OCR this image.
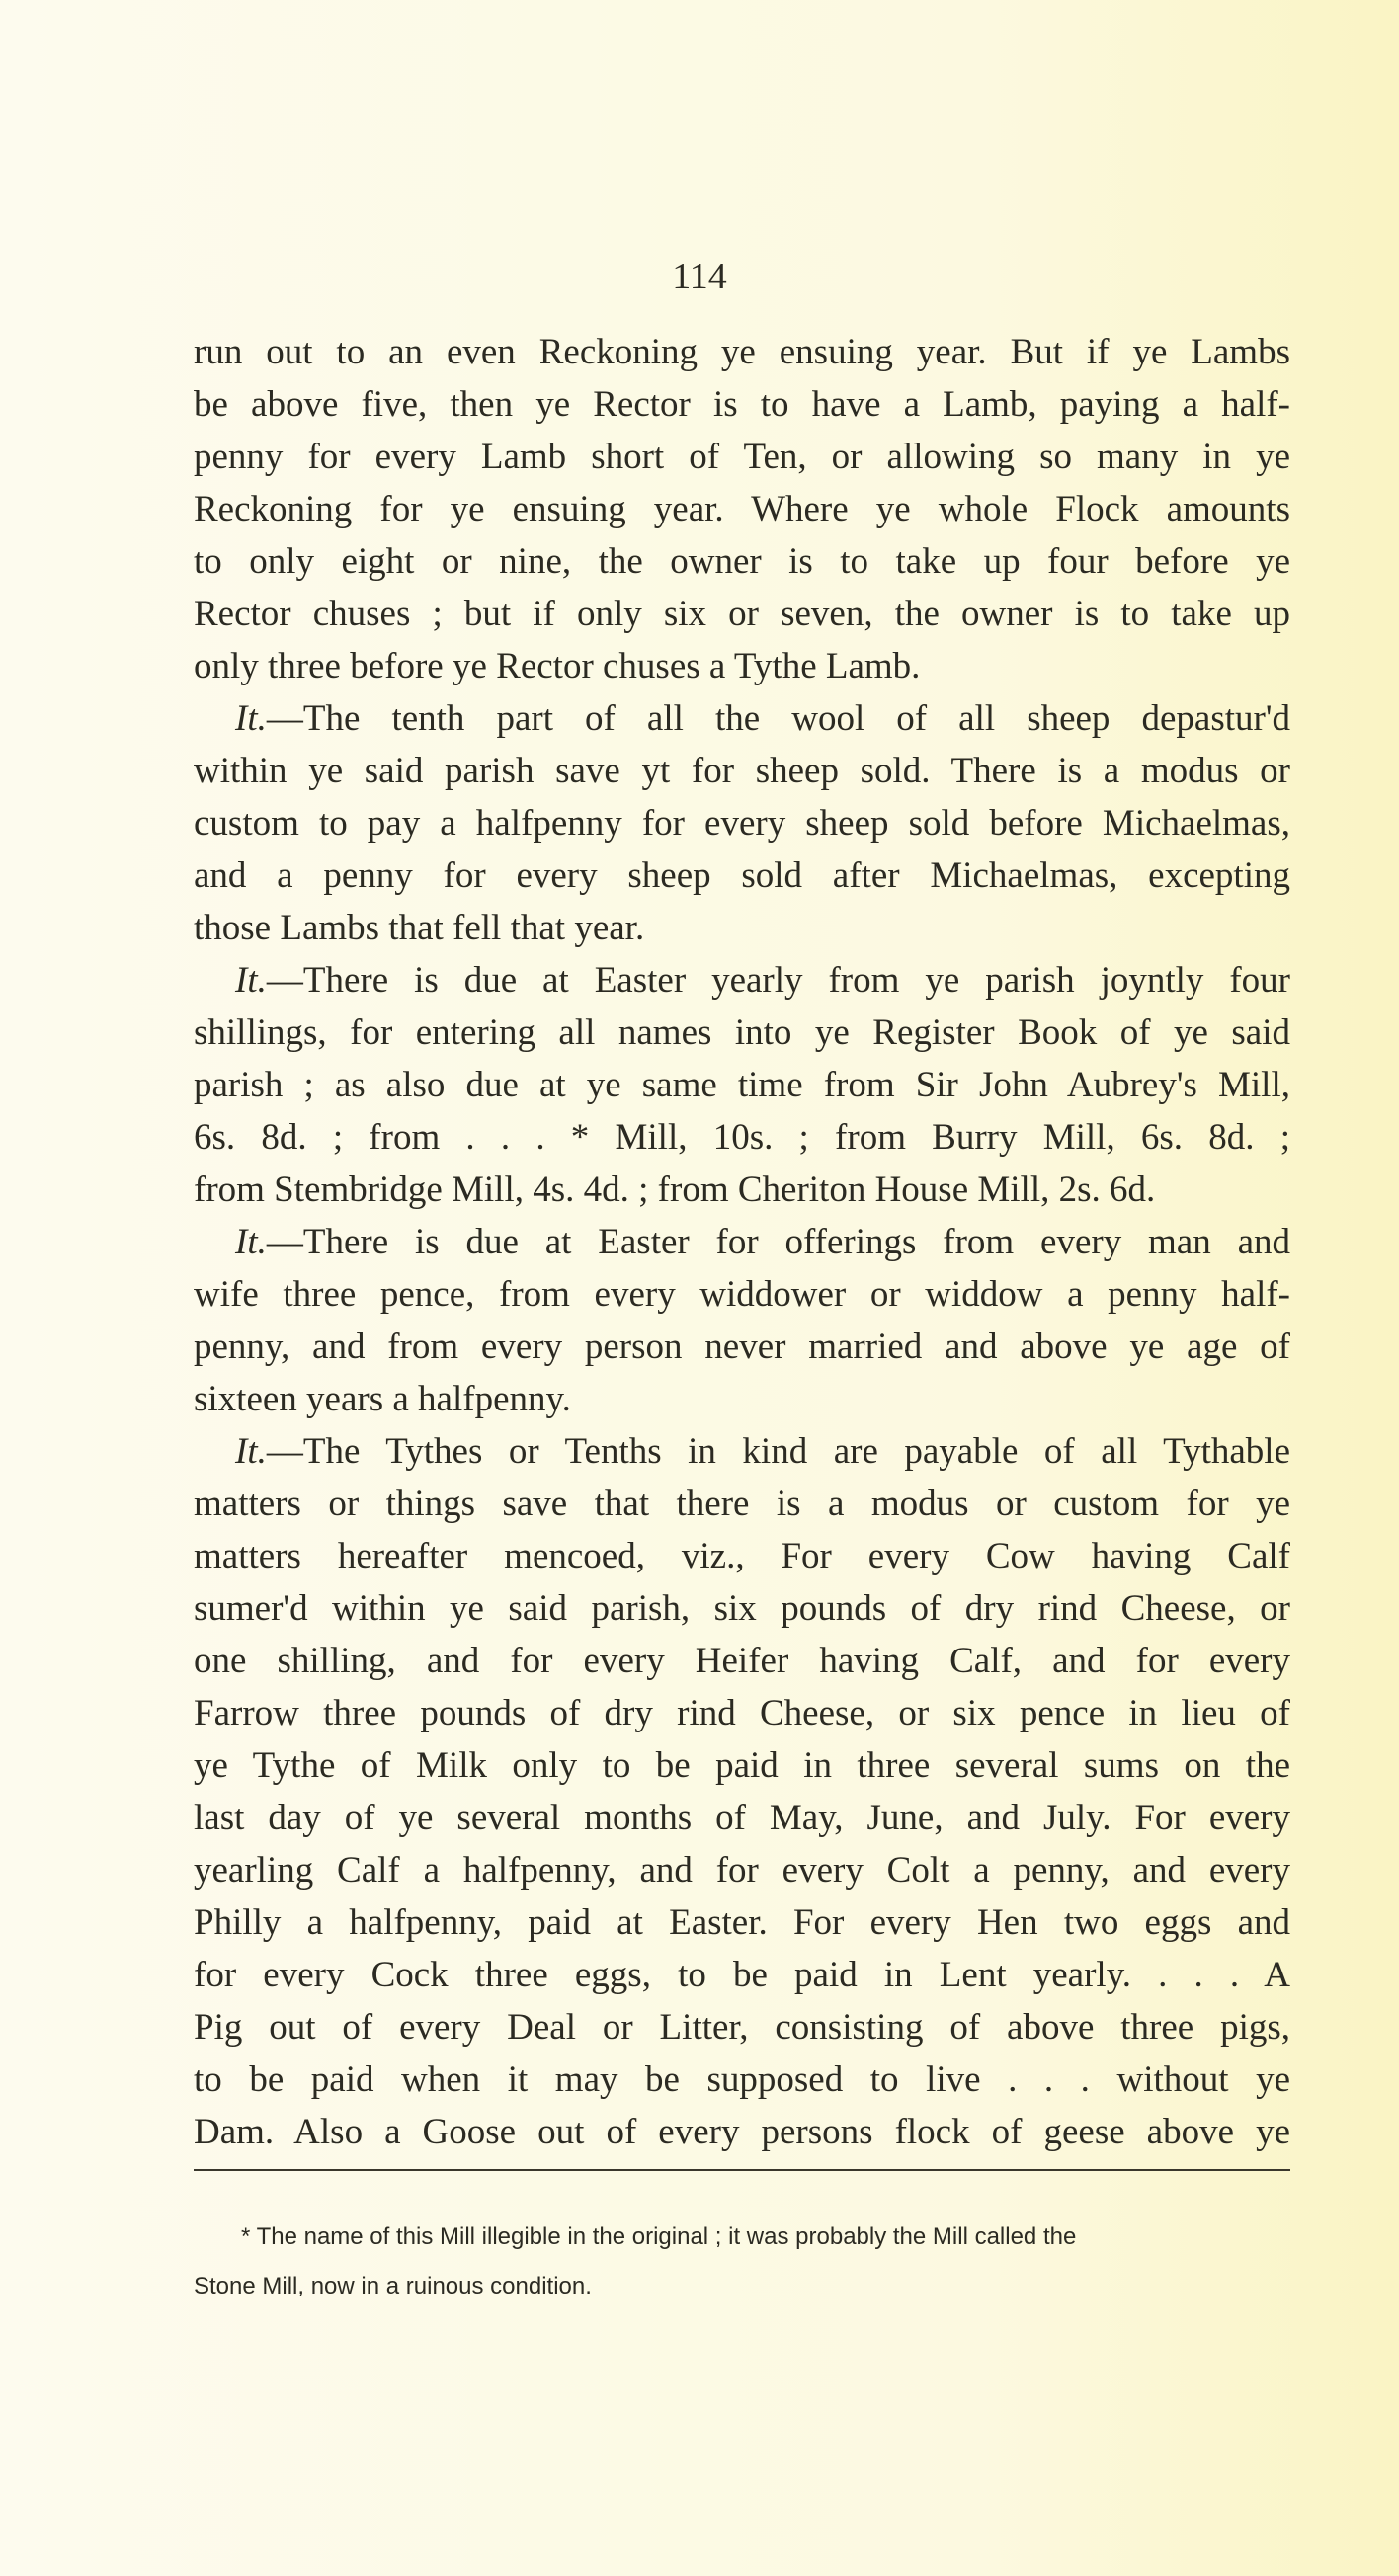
114
run out to an even Reckoning ye ensuing year. But if ye Lambs
be above five, then ye Rector is to have a Lamb, paying a half-
penny for every Lamb short of Ten, or allowing so many in ye
Reckoning for ye ensuing year. Where ye whole Flock amounts
to only eight or nine, the owner is to take up four before ye
Rector chuses ; but if only six or seven, the owner is to take up
only three before ye Rector chuses a Tythe Lamb.
It.—The tenth part of all the wool of all sheep depastur'd
within ye said parish save yt for sheep sold. There is a modus or
custom to pay a halfpenny for every sheep sold before Michaelmas,
and a penny for every sheep sold after Michaelmas, excepting
those Lambs that fell that year.
It.—There is due at Easter yearly from ye parish joyntly four
shillings, for entering all names into ye Register Book of ye said
parish ; as also due at ye same time from Sir John Aubrey's Mill,
6s. 8d. ; from . . . * Mill, 10s. ; from Burry Mill, 6s. 8d. ;
from Stembridge Mill, 4s. 4d. ; from Cheriton House Mill, 2s. 6d.
It.—There is due at Easter for offerings from every man and
wife three pence, from every widdower or widdow a penny half-
penny, and from every person never married and above ye age of
sixteen years a halfpenny.
It.—The Tythes or Tenths in kind are payable of all Tythable
matters or things save that there is a modus or custom for ye
matters hereafter mencoed, viz., For every Cow having Calf
sumer'd within ye said parish, six pounds of dry rind Cheese, or
one shilling, and for every Heifer having Calf, and for every
Farrow three pounds of dry rind Cheese, or six pence in lieu of
ye Tythe of Milk only to be paid in three several sums on the
last day of ye several months of May, June, and July. For every
yearling Calf a halfpenny, and for every Colt a penny, and every
Philly a halfpenny, paid at Easter. For every Hen two eggs and
for every Cock three eggs, to be paid in Lent yearly. . . . A
Pig out of every Deal or Litter, consisting of above three pigs,
to be paid when it may be supposed to live . . . without ye
Dam. Also a Goose out of every persons flock of geese above ye
* The name of this Mill illegible in the original ; it was probably the Mill called the
Stone Mill, now in a ruinous condition.
